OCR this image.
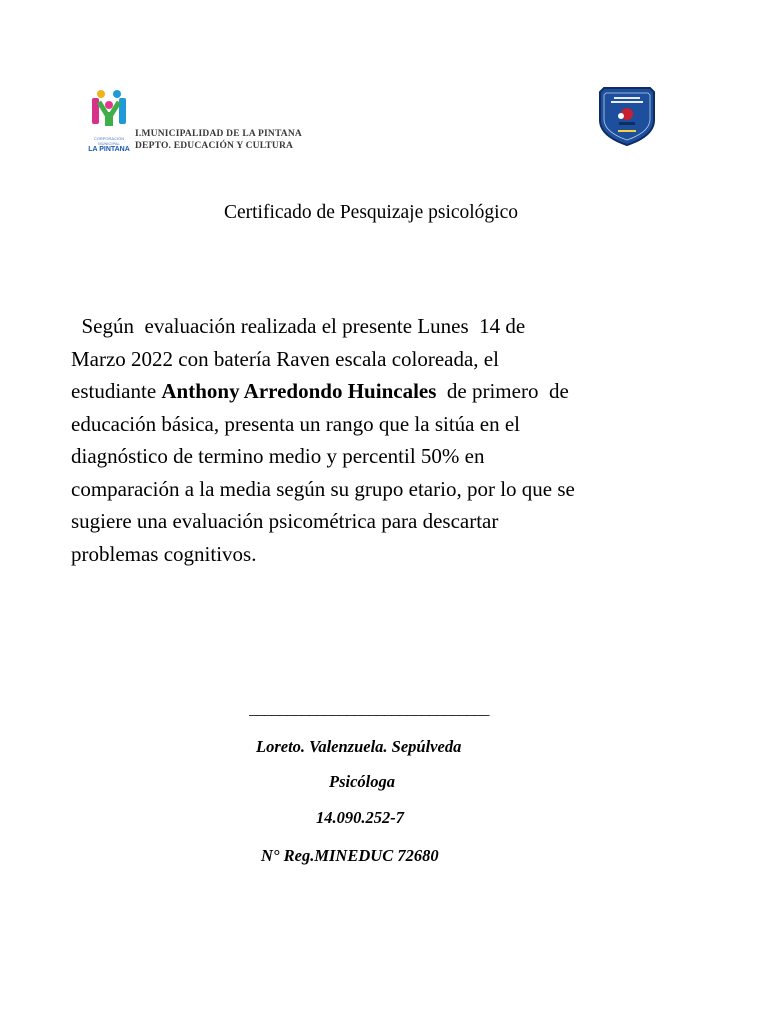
CORPORACIÓN MUNICIPAL
LA PINTANA
I.MUNICIPALIDAD DE LA PINTANA
DEPTO. EDUCACIÓN Y CULTURA
Certificado de Pesquizaje psicológico
Según  evaluación realizada el presente Lunes  14 de
Marzo 2022 con batería Raven escala coloreada, el
estudiante Anthony Arredondo Huincales  de primero  de
educación básica, presenta un rango que la sitúa en el
diagnóstico de termino medio y percentil 50% en
comparación a la media según su grupo etario, por lo que se
sugiere una evaluación psicométrica para descartar
problemas cognitivos.
________________________________
Loreto. Valenzuela. Sepúlveda
Psicóloga
14.090.252-7
N° Reg.MINEDUC 72680
